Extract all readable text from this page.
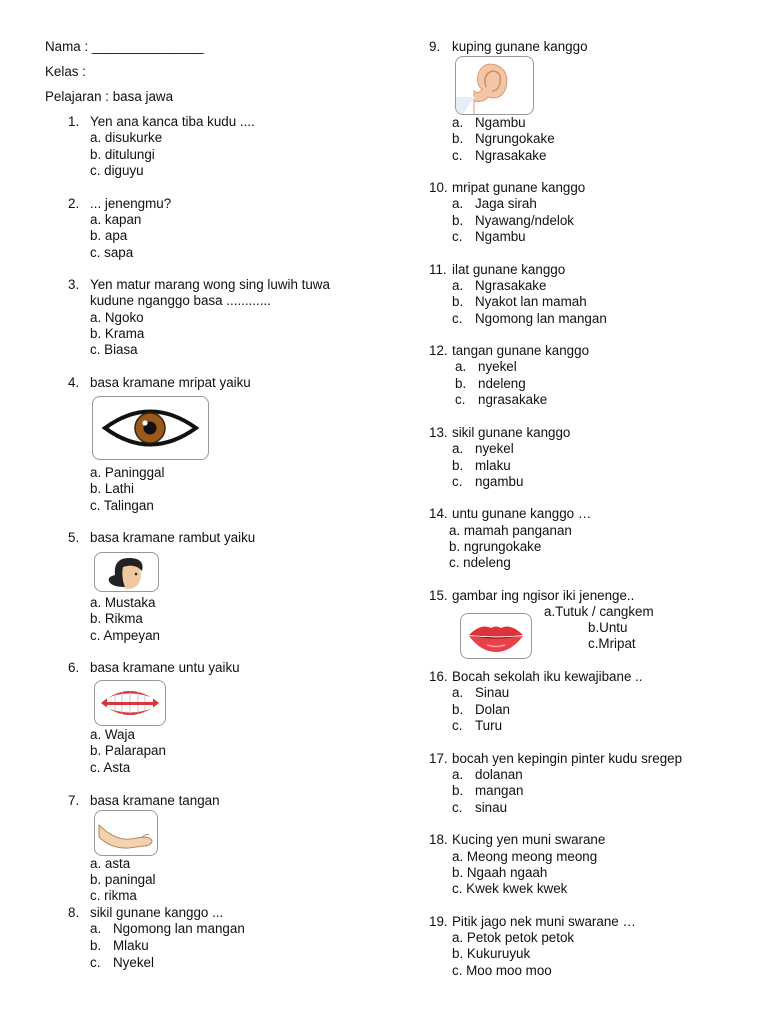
Nama : _______________
Kelas :
Pelajaran : basa jawa
1. Yen ana kanca tiba kudu ....
a. disukurke
b. ditulungi
c. diguyu
2. ... jenengmu?
a. kapan
b. apa
c. sapa
3. Yen matur marang wong sing luwih tuwa
kudune nganggo basa ............
a. Ngoko
b. Krama
c. Biasa
4. basa kramane mripat yaiku
a. Paninggal
b. Lathi
c. Talingan
5. basa kramane rambut yaiku
a. Mustaka
b. Rikma
c. Ampeyan
6. basa kramane untu yaiku
a. Waja
b. Palarapan
c. Asta
7. basa kramane tangan
a. asta
b. paningal
c. rikma
8. sikil gunane kanggo ...
a. Ngomong lan mangan
b. Mlaku
c. Nyekel
9. kuping gunane kanggo
a. Ngambu
b. Ngrungokake
c. Ngrasakake
10. mripat gunane kanggo
a. Jaga sirah
b. Nyawang/ndelok
c. Ngambu
11. ilat gunane kanggo
a. Ngrasakake
b. Nyakot lan mamah
c. Ngomong lan mangan
12. tangan gunane kanggo
a. nyekel
b. ndeleng
c. ngrasakake
13. sikil gunane kanggo
a. nyekel
b. mlaku
c. ngambu
14. untu gunane kanggo …
a. mamah panganan
b. ngrungokake
c. ndeleng
15. gambar ing ngisor iki jenenge..
a.Tutuk / cangkem
b.Untu
c.Mripat
16. Bocah sekolah iku kewajibane ..
a. Sinau
b. Dolan
c. Turu
17. bocah yen kepingin pinter kudu sregep
a. dolanan
b. mangan
c. sinau
18. Kucing yen muni swarane
a. Meong meong meong
b. Ngaah ngaah
c. Kwek kwek kwek
19. Pitik jago nek muni swarane …
a. Petok petok petok
b. Kukuruyuk
c. Moo moo moo
